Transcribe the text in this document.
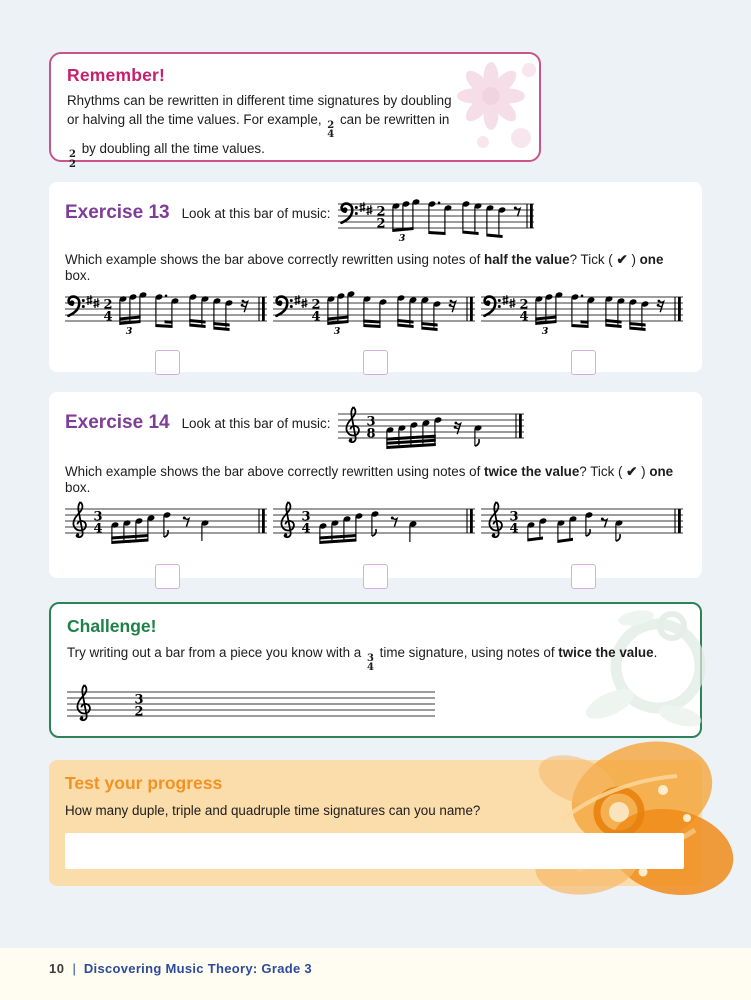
Remember!

Rhythms can be rewritten in different time signatures by doubling or halving all the time values. For example, 2
4
can be rewritten in
2
2
by doubling all the time values.

Exercise 13 Look at this bar of music:	2
2
3

Which example shows the bar above correctly rewritten using notes of half the value? Tick ( ✔ ) one box.

2
4
3
2
4
3
2
4
3
Exercise 14 Look at this bar of music:	3
8

Which example shows the bar above correctly rewritten using notes of twice the value? Tick ( ✔ ) one box.

3
4
3
4
3
4
Challenge!

Try writing out a bar from a piece you know with a 3
4
time signature, using notes of twice the value.

3
2
Test your progress

How many duple, triple and quadruple time signatures can you name?

10 | Discovering Music Theory: Grade 3
